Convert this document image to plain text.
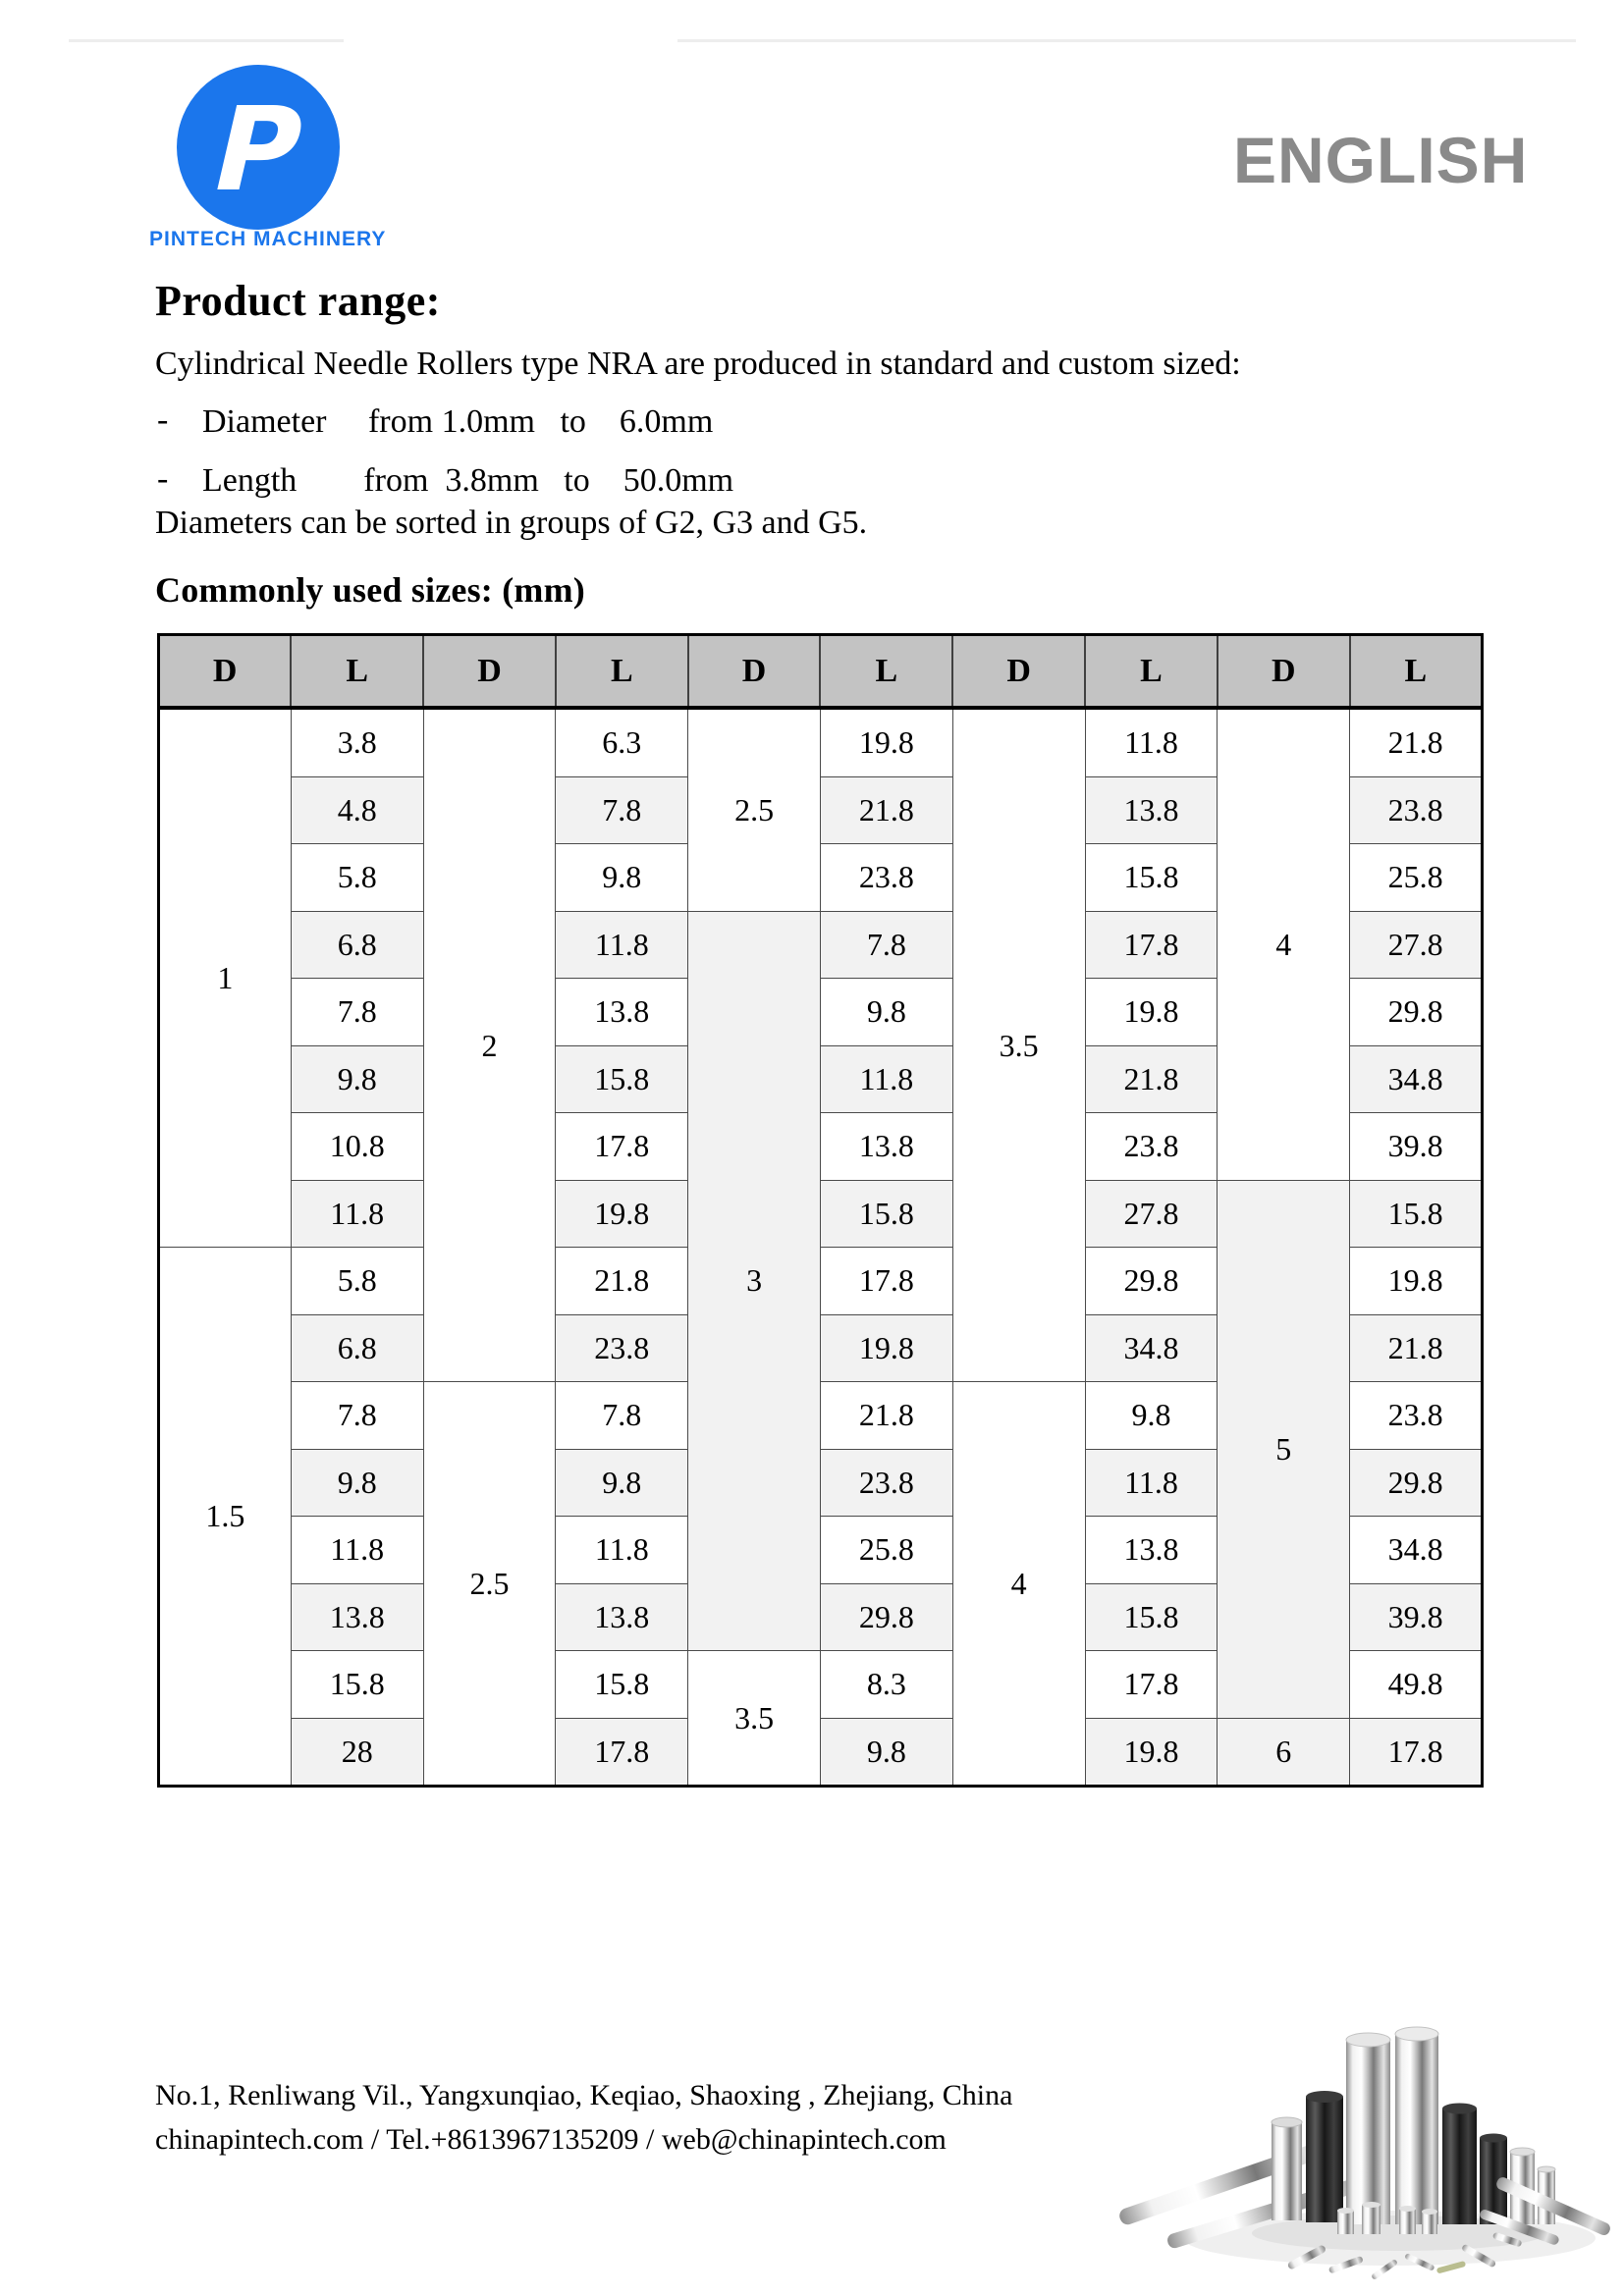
P
PINTECH MACHINERY
ENGLISH
Product range:
Cylindrical Needle Rollers type NRA are produced in standard and custom sized:
- Diameter     from 1.0mm   to    6.0mm
- Length        from  3.8mm   to    50.0mm
Diameters can be sorted in groups of G2, G3 and G5.
Commonly used sizes: (mm)
D	L	D	L	D	L	D	L	D	L
1	3.8	2	6.3	2.5	19.8	3.5	11.8	4	21.8
	4.8		7.8		21.8		13.8		23.8
	5.8		9.8		23.8		15.8		25.8
	6.8		11.8	3	7.8		17.8		27.8
	7.8		13.8		9.8		19.8		29.8
	9.8		15.8		11.8		21.8		34.8
	10.8		17.8		13.8		23.8		39.8
	11.8		19.8		15.8		27.8	5	15.8
1.5	5.8		21.8		17.8		29.8		19.8
	6.8		23.8		19.8		34.8		21.8
	7.8	2.5	7.8		21.8	4	9.8		23.8
	9.8		9.8		23.8		11.8		29.8
	11.8		11.8		25.8		13.8		34.8
	13.8		13.8		29.8		15.8		39.8
	15.8		15.8	3.5	8.3		17.8		49.8
	28		17.8		9.8		19.8	6	17.8
No.1, Renliwang Vil., Yangxunqiao, Keqiao, Shaoxing , Zhejiang, China
chinapintech.com / Tel.+8613967135209 / web@chinapintech.com
